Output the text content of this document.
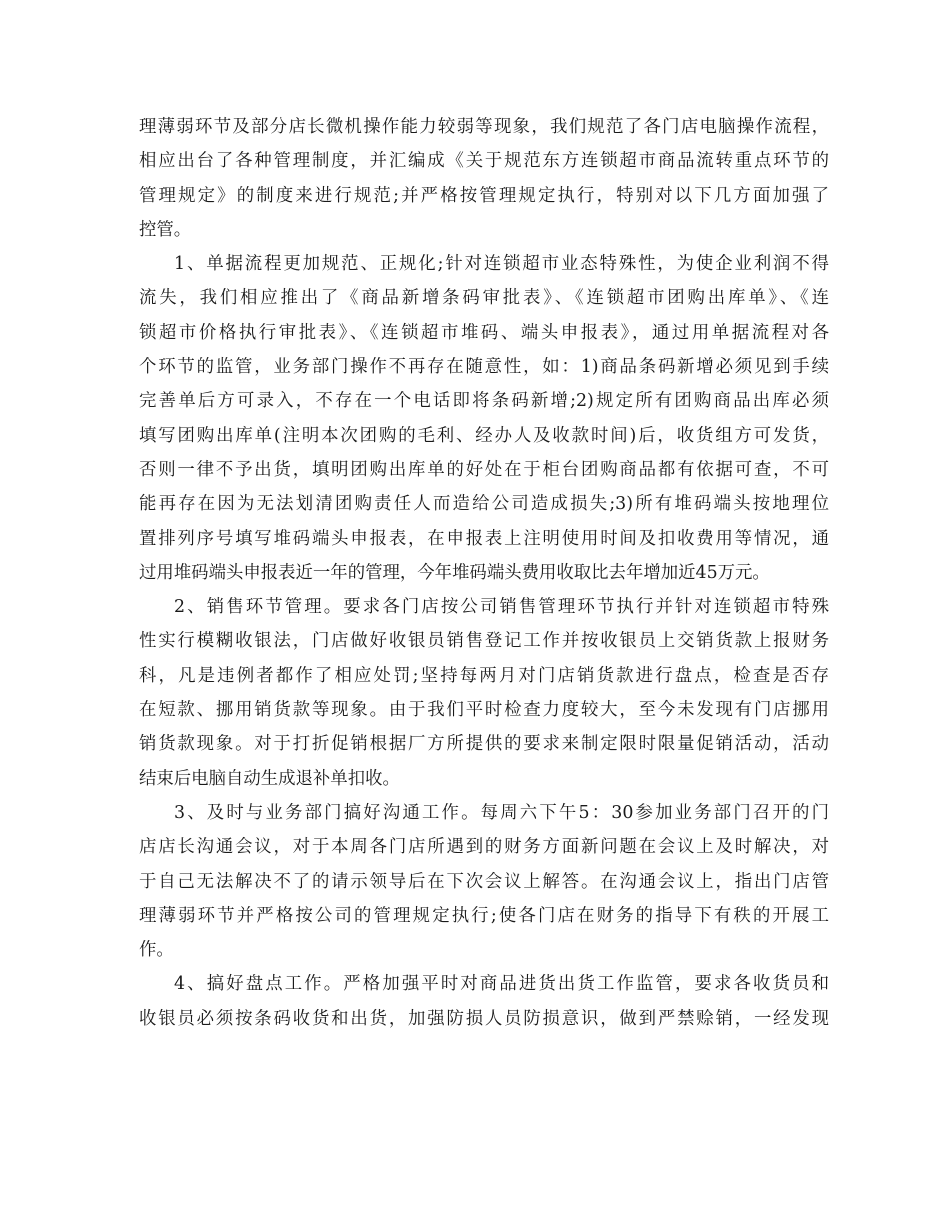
理薄弱环节及部分店长微机操作能力较弱等现象，我们规范了各门店电脑操作流程，
相应出台了各种管理制度，并汇编成《关于规范东方连锁超市商品流转重点环节的
管理规定》的制度来进行规范;并严格按管理规定执行，特别对以下几方面加强了
控管。
1、单据流程更加规范、正规化;针对连锁超市业态特殊性，为使企业利润不得
流失，我们相应推出了《商品新增条码审批表》、《连锁超市团购出库单》、《连
锁超市价格执行审批表》、《连锁超市堆码、端头申报表》，通过用单据流程对各
个环节的监管，业务部门操作不再存在随意性，如：1)商品条码新增必须见到手续
完善单后方可录入，不存在一个电话即将条码新增;2)规定所有团购商品出库必须
填写团购出库单(注明本次团购的毛利、经办人及收款时间)后，收货组方可发货，
否则一律不予出货，填明团购出库单的好处在于柜台团购商品都有依据可查，不可
能再存在因为无法划清团购责任人而造给公司造成损失;3)所有堆码端头按地理位
置排列序号填写堆码端头申报表，在申报表上注明使用时间及扣收费用等情况，通
过用堆码端头申报表近一年的管理，今年堆码端头费用收取比去年增加近45万元。
2、销售环节管理。要求各门店按公司销售管理环节执行并针对连锁超市特殊
性实行模糊收银法，门店做好收银员销售登记工作并按收银员上交销货款上报财务
科，凡是违例者都作了相应处罚;坚持每两月对门店销货款进行盘点，检查是否存
在短款、挪用销货款等现象。由于我们平时检查力度较大，至今未发现有门店挪用
销货款现象。对于打折促销根据厂方所提供的要求来制定限时限量促销活动，活动
结束后电脑自动生成退补单扣收。
3、及时与业务部门搞好沟通工作。每周六下午5：30参加业务部门召开的门
店店长沟通会议，对于本周各门店所遇到的财务方面新问题在会议上及时解决，对
于自己无法解决不了的请示领导后在下次会议上解答。在沟通会议上，指出门店管
理薄弱环节并严格按公司的管理规定执行;使各门店在财务的指导下有秩的开展工
作。
4、搞好盘点工作。严格加强平时对商品进货出货工作监管，要求各收货员和
收银员必须按条码收货和出货，加强防损人员防损意识，做到严禁赊销，一经发现
